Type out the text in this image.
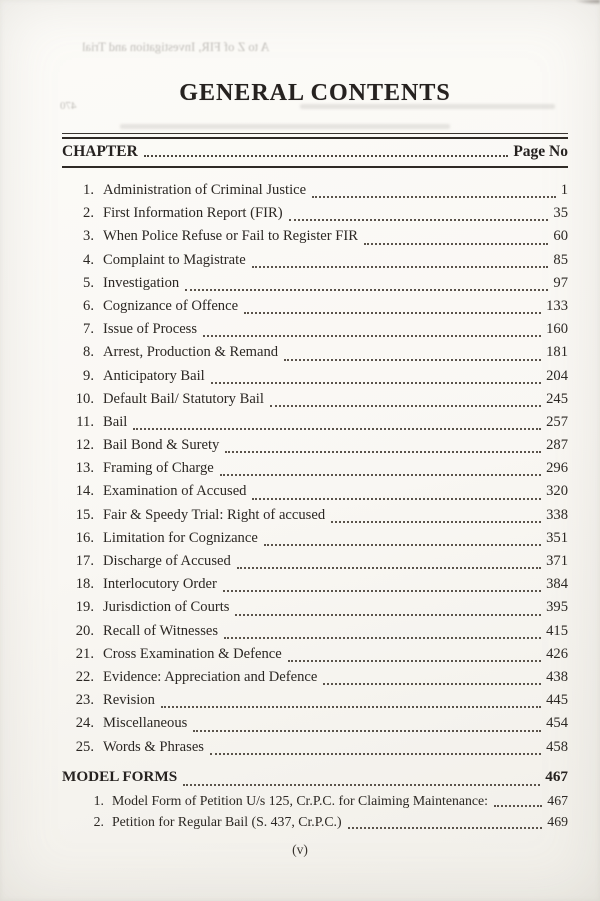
A to Z of FIR, Investigation and Trial
470	GENERAL CONTENTS
CHAPTER	Page No
1. Administration of Criminal Justice	1
2. First Information Report (FIR)	35
3. When Police Refuse or Fail to Register FIR	60
4. Complaint to Magistrate	85
5. Investigation	97
6. Cognizance of Offence	133
7. Issue of Process	160
8. Arrest, Production & Remand	181
9. Anticipatory Bail	204
10. Default Bail/ Statutory Bail	245
11. Bail	257
12. Bail Bond & Surety	287
13. Framing of Charge	296
14. Examination of Accused	320
15. Fair & Speedy Trial: Right of accused	338
16. Limitation for Cognizance	351
17. Discharge of Accused	371
18. Interlocutory Order	384
19. Jurisdiction of Courts	395
20. Recall of Witnesses	415
21. Cross Examination & Defence	426
22. Evidence: Appreciation and Defence	438
23. Revision	445
24. Miscellaneous	454
25. Words & Phrases	458
MODEL FORMS	467
1. Model Form of Petition U/s 125, Cr.P.C. for Claiming Maintenance:	467
2. Petition for Regular Bail (S. 437, Cr.P.C.)	469
(v)
